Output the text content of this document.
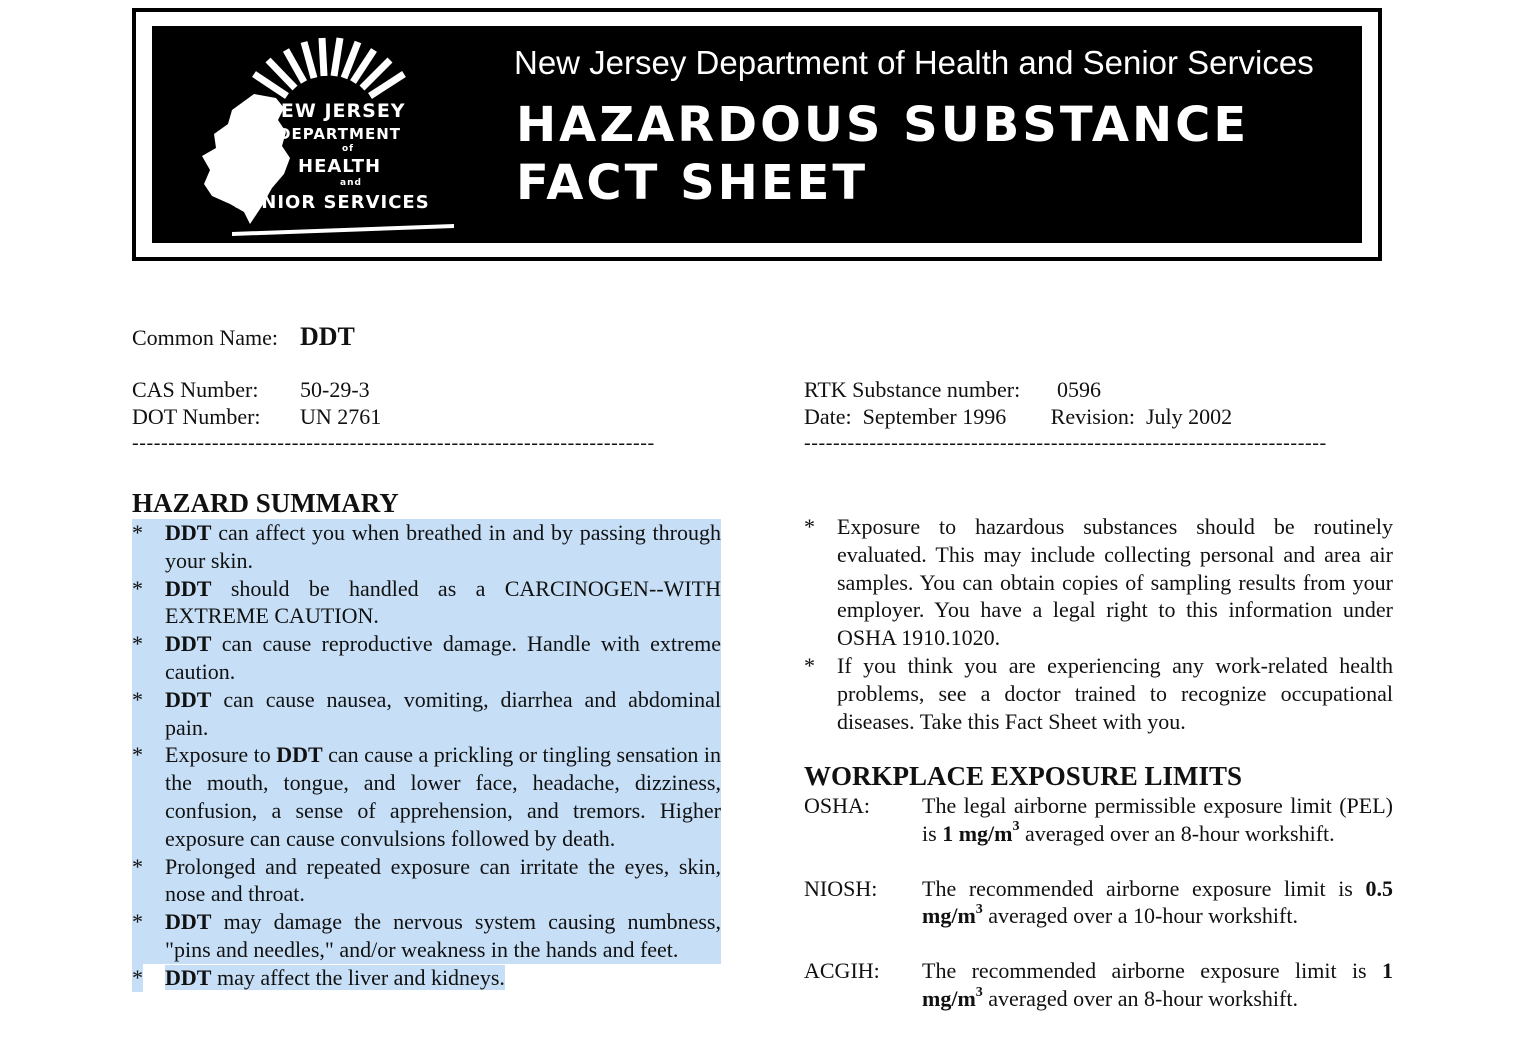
NEW JERSEY
DEPARTMENT
of
HEALTH
and
SENIOR SERVICES
New Jersey Department of Health and Senior Services
HAZARDOUS SUBSTANCE
FACT SHEET
Common Name: DDT
CAS Number: 50-29-3
DOT Number: UN 2761
------------------------------------------------------------------------
RTK Substance number: 0596
Date: September 1996 Revision: July 2002
------------------------------------------------------------------------
HAZARD SUMMARY
* DDT can affect you when breathed in and by passing through your skin.
* DDT should be handled as a CARCINOGEN--WITH EXTREME CAUTION.
* DDT can cause reproductive damage. Handle with extreme caution.
* DDT can cause nausea, vomiting, diarrhea and abdominal pain.
* Exposure to DDT can cause a prickling or tingling sensation in the mouth, tongue, and lower face, headache, dizziness, confusion, a sense of apprehension, and tremors. Higher exposure can cause convulsions followed by death.
* Prolonged and repeated exposure can irritate the eyes, skin, nose and throat.
* DDT may damage the nervous system causing numbness, "pins and needles," and/or weakness in the hands and feet.
* DDT may affect the liver and kidneys.
* Exposure to hazardous substances should be routinely evaluated. This may include collecting personal and area air samples. You can obtain copies of sampling results from your employer. You have a legal right to this information under OSHA 1910.1020.
* If you think you are experiencing any work-related health problems, see a doctor trained to recognize occupational diseases. Take this Fact Sheet with you.
WORKPLACE EXPOSURE LIMITS
OSHA:	The legal airborne permissible exposure limit (PEL) is 1 $mg/m^3$ averaged over an 8-hour workshift.
NIOSH:	The recommended airborne exposure limit is 0.5 $mg/m^3$ averaged over a 10-hour workshift.
ACGIH:	The recommended airborne exposure limit is 1 $mg/m^3$ averaged over an 8-hour workshift.
